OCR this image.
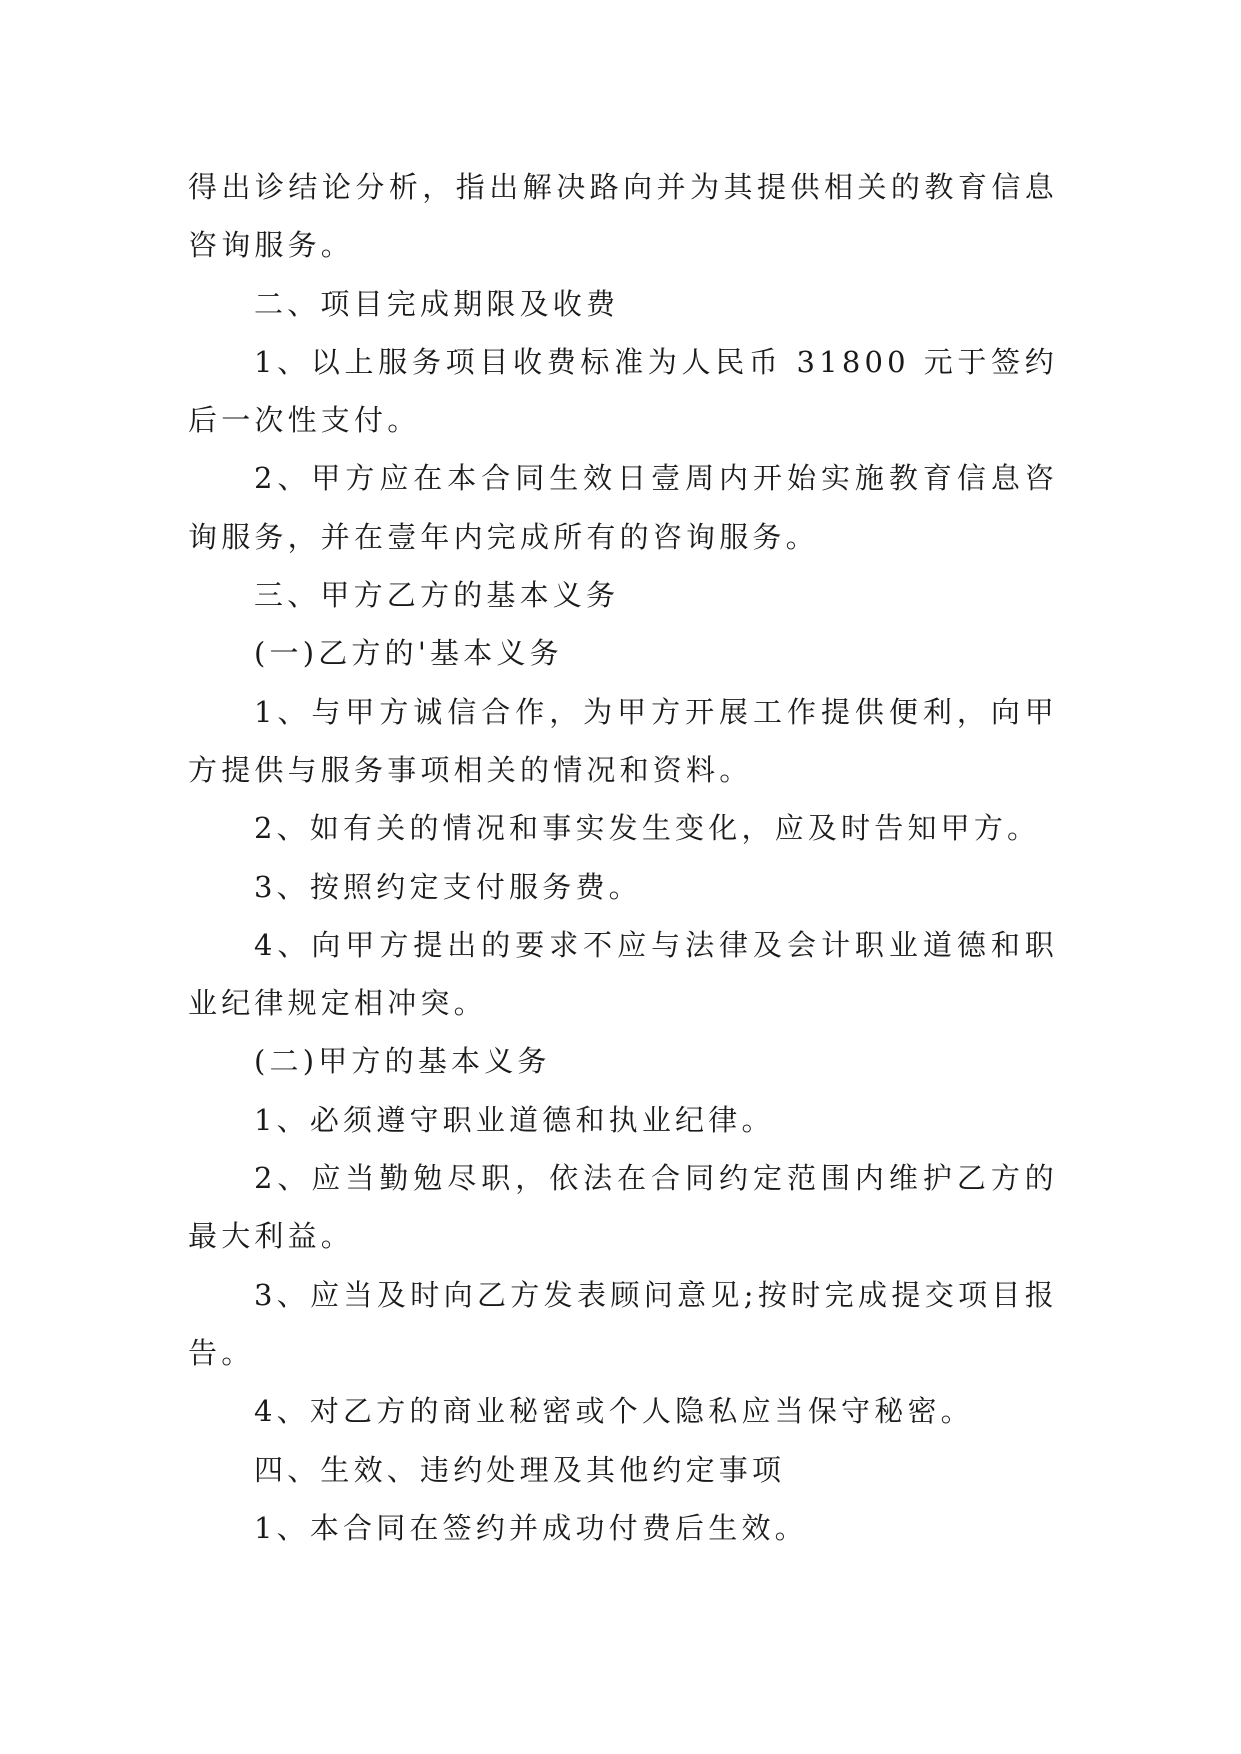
得出诊结论分析，指出解决路向并为其提供相关的教育信息咨询服务。

二、项目完成期限及收费

1、以上服务项目收费标准为人民币 31800 元于签约后一次性支付。

2、甲方应在本合同生效日壹周内开始实施教育信息咨询服务，并在壹年内完成所有的咨询服务。

三、甲方乙方的基本义务

(一)乙方的'基本义务

1、与甲方诚信合作，为甲方开展工作提供便利，向甲方提供与服务事项相关的情况和资料。

2、如有关的情况和事实发生变化，应及时告知甲方。

3、按照约定支付服务费。

4、向甲方提出的要求不应与法律及会计职业道德和职业纪律规定相冲突。

(二)甲方的基本义务

1、必须遵守职业道德和执业纪律。

2、应当勤勉尽职，依法在合同约定范围内维护乙方的最大利益。

3、应当及时向乙方发表顾问意见;按时完成提交项目报告。

4、对乙方的商业秘密或个人隐私应当保守秘密。

四、生效、违约处理及其他约定事项

1、本合同在签约并成功付费后生效。
